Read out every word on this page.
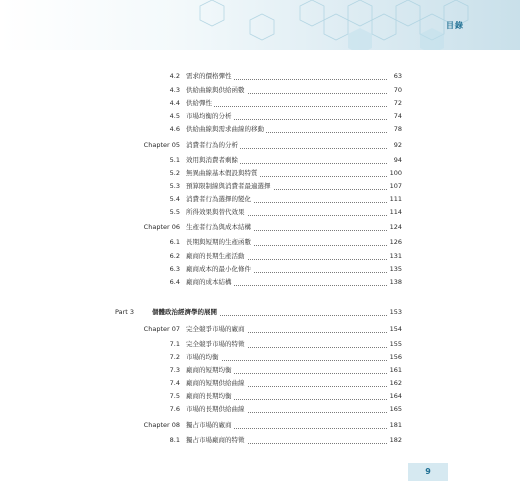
目錄
4.2 需求的價格彈性	63
4.3 供給曲線與供給函數	70
4.4 供給彈性	72
4.5 市場均衡的分析	74
4.6 供給曲線與需求曲線的移動	78
Chapter 05 消費者行為的分析	92
5.1 效用與消費者剩餘	94
5.2 無異曲線基本假設與特質	100
5.3 預算限制線與消費者最適選擇	107
5.4 消費者行為選擇的變化	111
5.5 所得效果與替代效果	114
Chapter 06 生產者行為與成本結構	124
6.1 長期與短期的生產函數	126
6.2 廠商的長期生產活動	131
6.3 廠商成本的最小化條件	135
6.4 廠商的成本結構	138
Part 3	個體政治經濟學的展開	153
Chapter 07 完全競爭市場的廠商	154
7.1 完全競爭市場的特徵	155
7.2 市場的均衡	156
7.3 廠商的短期均衡	161
7.4 廠商的短期供給曲線	162
7.5 廠商的長期均衡	164
7.6 市場的長期供給曲線	165
Chapter 08 獨占市場的廠商	181
8.1 獨占市場廠商的特徵	182
9
